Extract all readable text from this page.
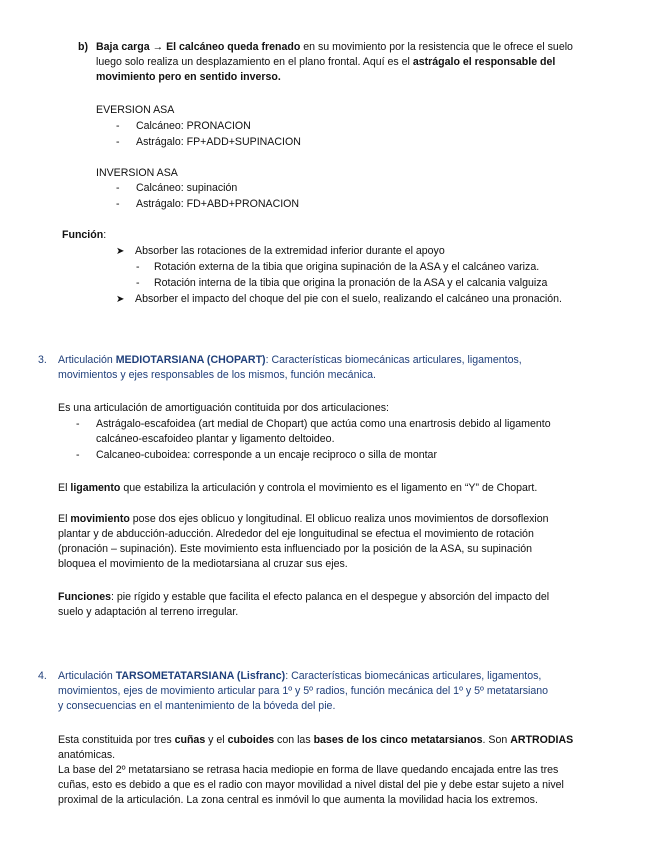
b) Baja carga → El calcáneo queda frenado en su movimiento por la resistencia que le ofrece el suelo
luego solo realiza un desplazamiento en el plano frontal. Aquí es el astrágalo el responsable del
movimiento pero en sentido inverso.
EVERSION ASA
- Calcáneo: PRONACION
- Astrágalo: FP+ADD+SUPINACION
INVERSION ASA
- Calcáneo: supinación
- Astrágalo: FD+ABD+PRONACION
Función:
➤ Absorber las rotaciones de la extremidad inferior durante el apoyo
- Rotación externa de la tibia que origina supinación de la ASA y el calcáneo variza.
- Rotación interna de la tibia que origina la pronación de la ASA y el calcania valguiza
➤ Absorber el impacto del choque del pie con el suelo, realizando el calcáneo una pronación.
3. Articulación MEDIOTARSIANA (CHOPART): Características biomecánicas articulares, ligamentos,
movimientos y ejes responsables de los mismos, función mecánica.
Es una articulación de amortiguación contituida por dos articulaciones:
- Astrágalo-escafoidea (art medial de Chopart) que actúa como una enartrosis debido al ligamento
calcáneo-escafoideo plantar y ligamento deltoideo.
- Calcaneo-cuboidea: corresponde a un encaje reciproco o silla de montar
El ligamento que estabiliza la articulación y controla el movimiento es el ligamento en “Y” de Chopart.
El movimiento pose dos ejes oblicuo y longitudinal. El oblicuo realiza unos movimientos de dorsoflexion
plantar y de abducción-aducción. Alrededor del eje longuitudinal se efectua el movimiento de rotación
(pronación – supinación). Este movimiento esta influenciado por la posición de la ASA, su supinación
bloquea el movimiento de la mediotarsiana al cruzar sus ejes.
Funciones: pie rígido y estable que facilita el efecto palanca en el despegue y absorción del impacto del
suelo y adaptación al terreno irregular.
4. Articulación TARSOMETATARSIANA (Lisfranc): Características biomecánicas articulares, ligamentos,
movimientos, ejes de movimiento articular para 1º y 5º radios, función mecánica del 1º y 5º metatarsiano
y consecuencias en el mantenimiento de la bóveda del pie.
Esta constituida por tres cuñas y el cuboides con las bases de los cinco metatarsianos. Son ARTRODIAS
anatómicas.
La base del 2º metatarsiano se retrasa hacia mediopie en forma de llave quedando encajada entre las tres
cuñas, esto es debido a que es el radio con mayor movilidad a nivel distal del pie y debe estar sujeto a nivel
proximal de la articulación. La zona central es inmóvil lo que aumenta la movilidad hacia los extremos.
